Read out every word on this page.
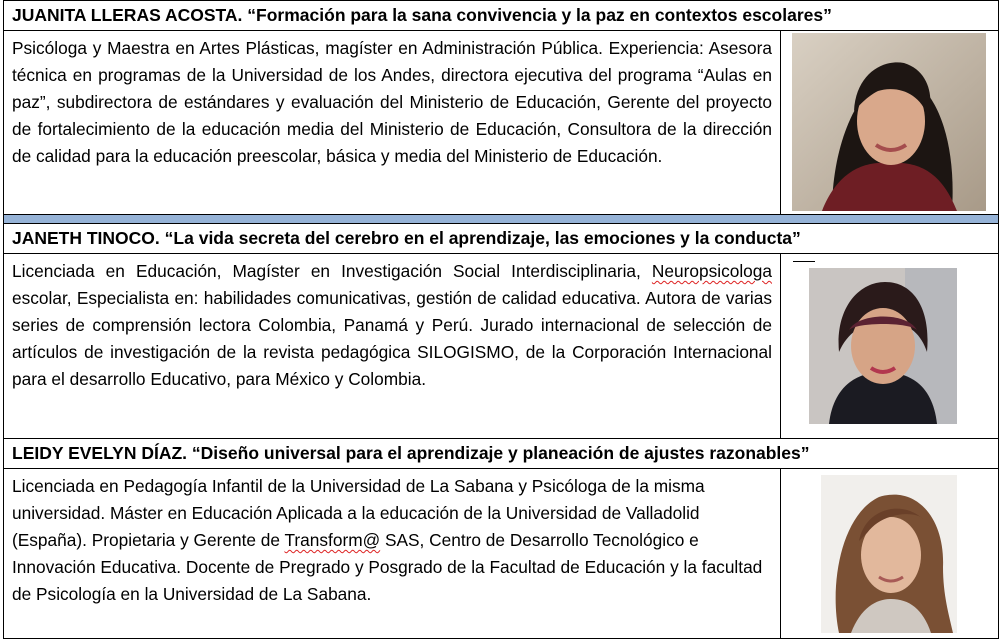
JUANITA LLERAS ACOSTA. “Formación para la sana convivencia y la paz en contextos escolares”	
Psicóloga y Maestra en Artes Plásticas, magíster en Administración Pública. Experiencia: Asesora técnica en programas de la Universidad de los Andes, directora ejecutiva del programa “Aulas en paz”, subdirectora de estándares y evaluación del Ministerio de Educación, Gerente del proyecto de fortalecimiento de la educación media del Ministerio de Educación, Consultora de la dirección de calidad para la educación preescolar, básica y media del Ministerio de Educación.	

JANETH TINOCO. “La vida secreta del cerebro en el aprendizaje, las emociones y la conducta”	
Licenciada en Educación, Magíster en Investigación Social Interdisciplinaria, Neuropsicologa escolar, Especialista en: habilidades comunicativas, gestión de calidad educativa. Autora de varias series de comprensión lectora Colombia, Panamá y Perú. Jurado internacional de selección de artículos de investigación de la revista pedagógica SILOGISMO, de la Corporación Internacional para el desarrollo Educativo, para México y Colombia.	

LEIDY EVELYN DÍAZ. “Diseño universal para el aprendizaje y planeación de ajustes razonables”	
Licenciada en Pedagogía Infantil de la Universidad de La Sabana y Psicóloga de la misma universidad. Máster en Educación Aplicada a la educación de la Universidad de Valladolid (España). Propietaria y Gerente de Transform@ SAS, Centro de Desarrollo Tecnológico e Innovación Educativa. Docente de Pregrado y Posgrado de la Facultad de Educación y la facultad de Psicología en la Universidad de La Sabana.	
